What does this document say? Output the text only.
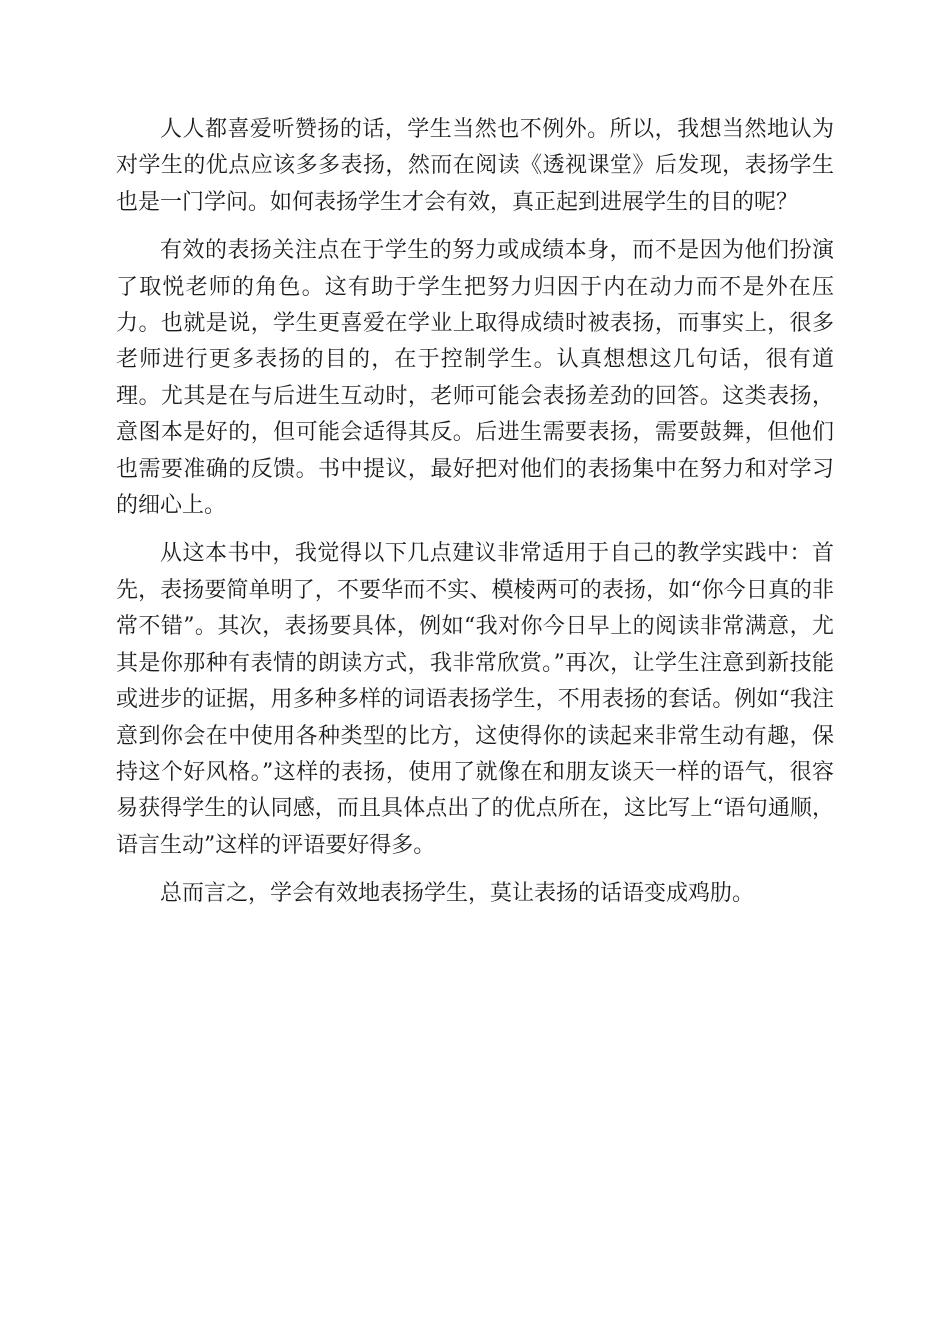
人人都喜爱听赞扬的话，学生当然也不例外。所以，我想当然地认为对学生的优点应该多多表扬，然而在阅读《透视课堂》后发现，表扬学生也是一门学问。如何表扬学生才会有效，真正起到进展学生的目的呢？

有效的表扬关注点在于学生的努力或成绩本身，而不是因为他们扮演了取悦老师的角色。这有助于学生把努力归因于内在动力而不是外在压力。也就是说，学生更喜爱在学业上取得成绩时被表扬，而事实上，很多老师进行更多表扬的目的，在于控制学生。认真想想这几句话，很有道理。尤其是在与后进生互动时，老师可能会表扬差劲的回答。这类表扬，意图本是好的，但可能会适得其反。后进生需要表扬，需要鼓舞，但他们也需要准确的反馈。书中提议，最好把对他们的表扬集中在努力和对学习的细心上。

从这本书中，我觉得以下几点建议非常适用于自己的教学实践中：首先，表扬要简单明了，不要华而不实、模棱两可的表扬，如“你今日真的非常不错”。其次，表扬要具体，例如“我对你今日早上的阅读非常满意，尤其是你那种有表情的朗读方式，我非常欣赏。”再次，让学生注意到新技能或进步的证据，用多种多样的词语表扬学生，不用表扬的套话。例如“我注意到你会在中使用各种类型的比方，这使得你的读起来非常生动有趣，保持这个好风格。”这样的表扬，使用了就像在和朋友谈天一样的语气，很容易获得学生的认同感，而且具体点出了的优点所在，这比写上“语句通顺，语言生动”这样的评语要好得多。

总而言之，学会有效地表扬学生，莫让表扬的话语变成鸡肋。
